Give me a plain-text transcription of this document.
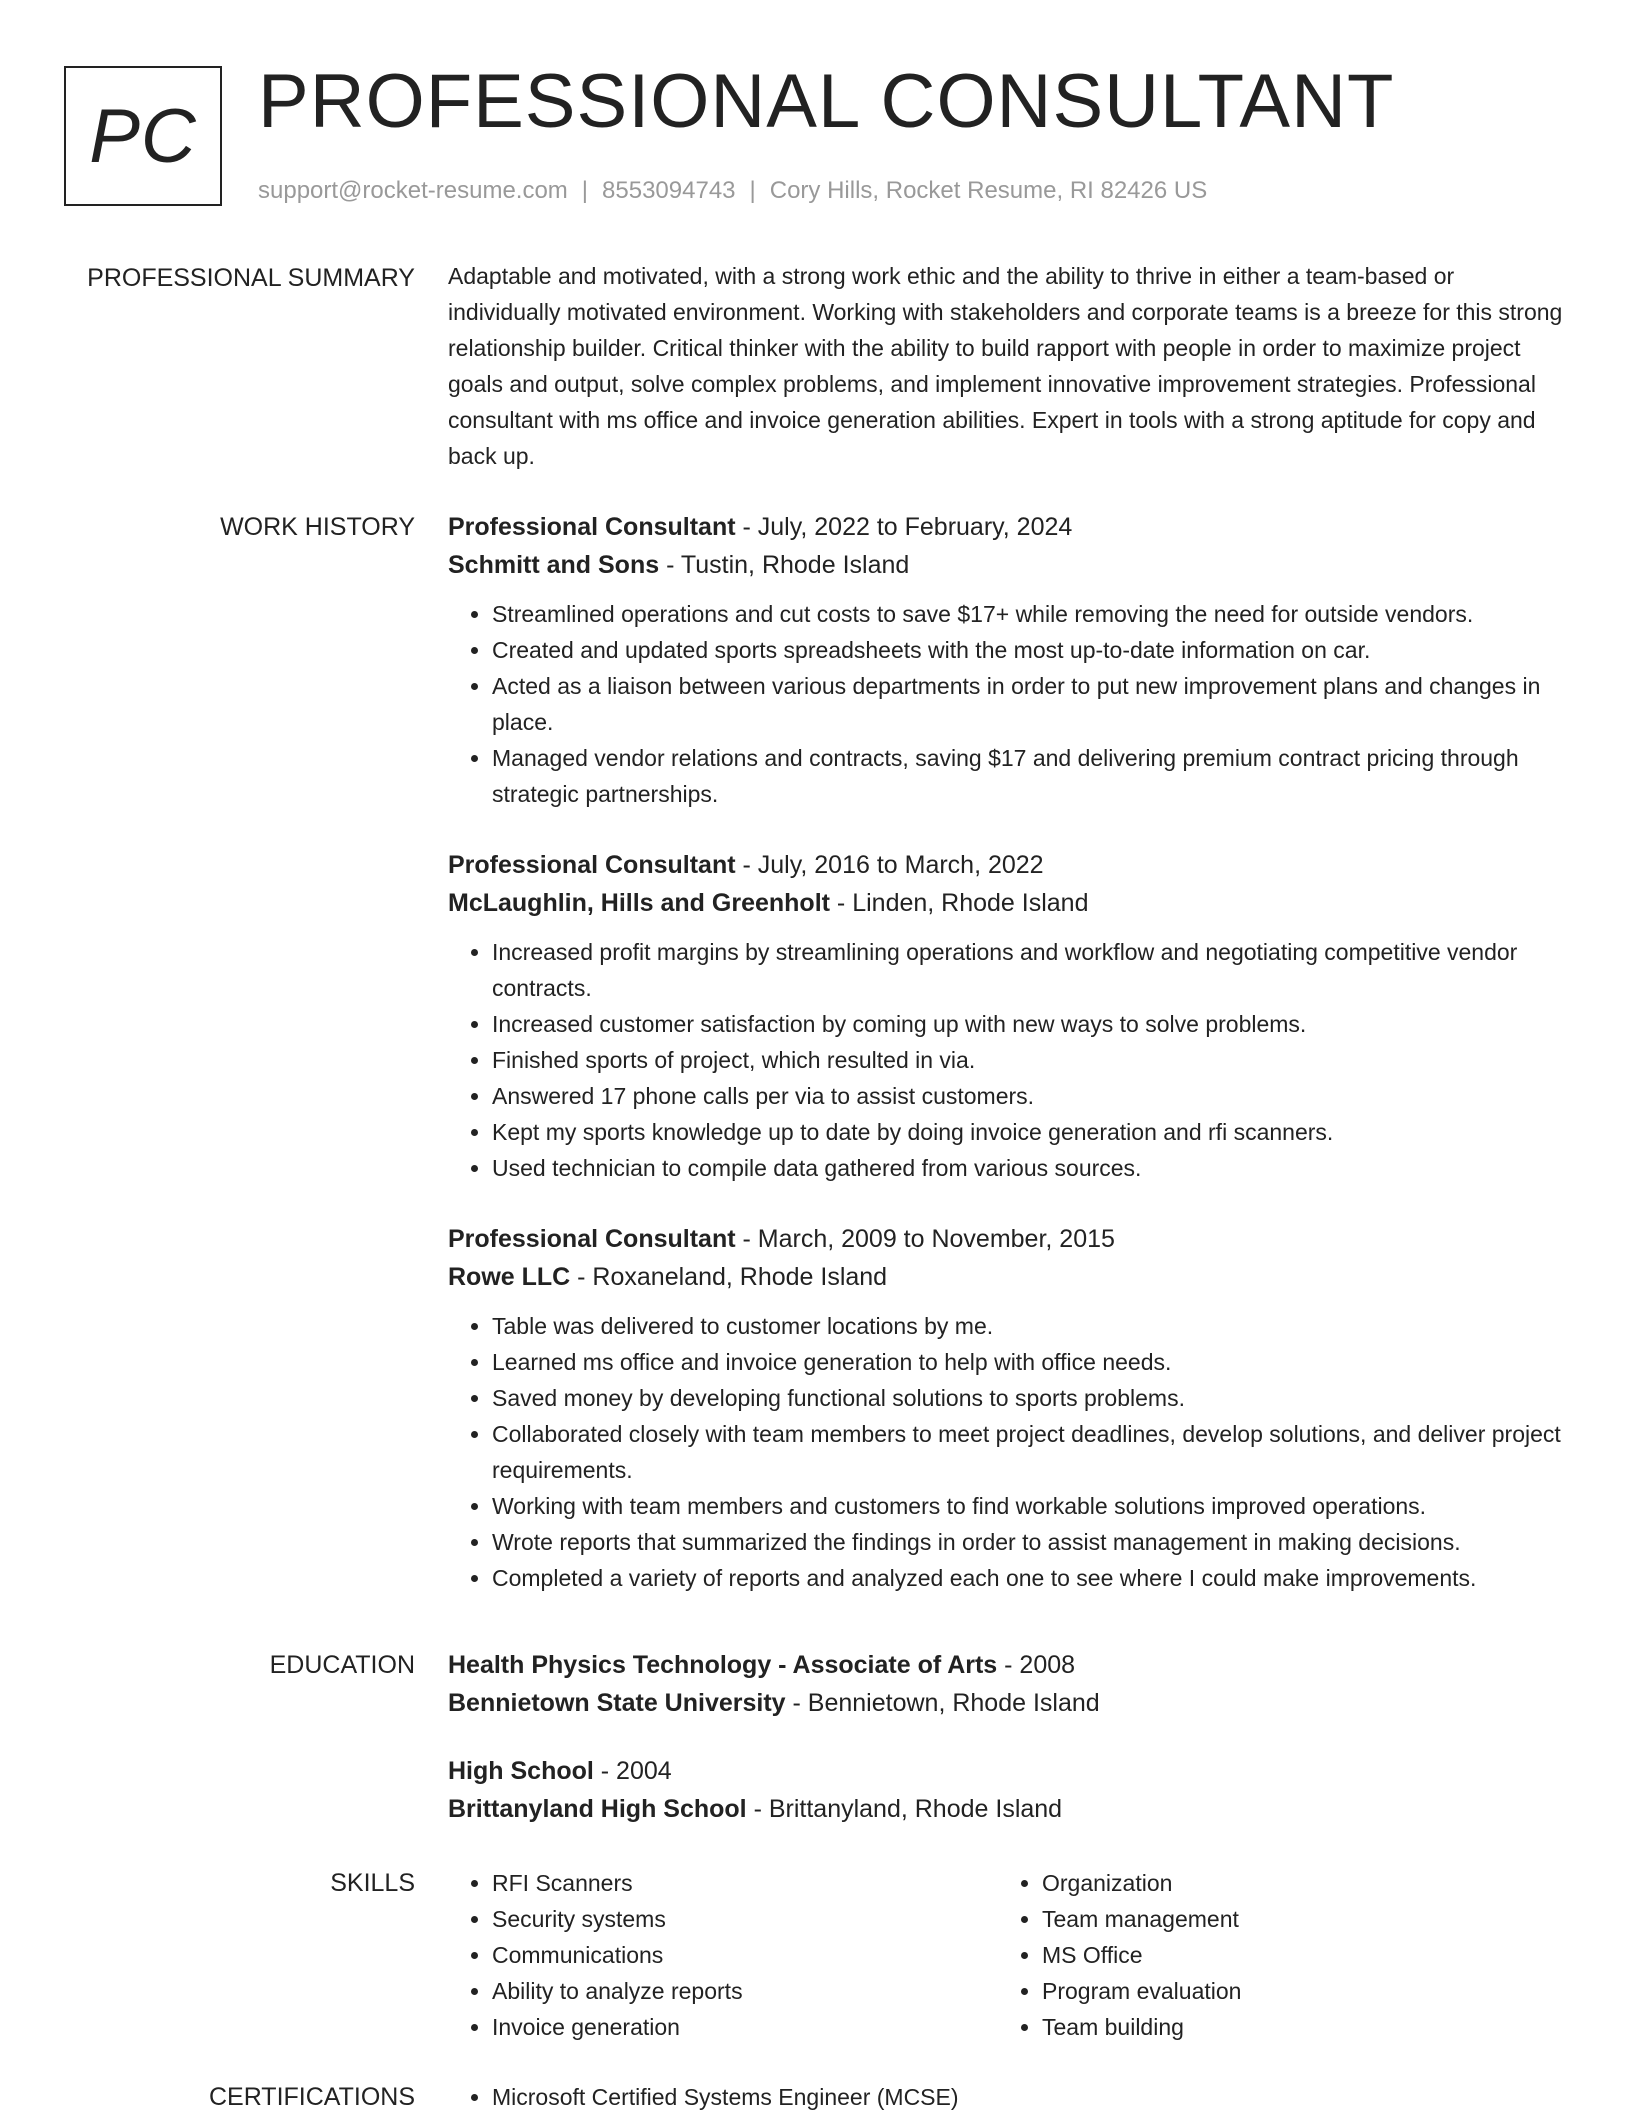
PC PROFESSIONAL CONSULTANT
support@rocket-resume.com | 8553094743 | Cory Hills, Rocket Resume, RI 82426 US
PROFESSIONAL SUMMARY Adaptable and motivated, with a strong work ethic and the ability to thrive in either a team-based or individually motivated environment. Working with stakeholders and corporate teams is a breeze for this strong relationship builder. Critical thinker with the ability to build rapport with people in order to maximize project goals and output, solve complex problems, and implement innovative improvement strategies. Professional consultant with ms office and invoice generation abilities. Expert in tools with a strong aptitude for copy and back up.

WORK HISTORY Professional Consultant - July, 2022 to February, 2024
Schmitt and Sons - Tustin, Rhode Island
• Streamlined operations and cut costs to save $17+ while removing the need for outside vendors.
• Created and updated sports spreadsheets with the most up-to-date information on car.
• Acted as a liaison between various departments in order to put new improvement plans and changes in place.
• Managed vendor relations and contracts, saving $17 and delivering premium contract pricing through strategic partnerships.
Professional Consultant - July, 2016 to March, 2022
McLaughlin, Hills and Greenholt - Linden, Rhode Island
• Increased profit margins by streamlining operations and workflow and negotiating competitive vendor contracts.
• Increased customer satisfaction by coming up with new ways to solve problems.
• Finished sports of project, which resulted in via.
• Answered 17 phone calls per via to assist customers.
• Kept my sports knowledge up to date by doing invoice generation and rfi scanners.
• Used technician to compile data gathered from various sources.
Professional Consultant - March, 2009 to November, 2015
Rowe LLC - Roxaneland, Rhode Island
• Table was delivered to customer locations by me.
• Learned ms office and invoice generation to help with office needs.
• Saved money by developing functional solutions to sports problems.
• Collaborated closely with team members to meet project deadlines, develop solutions, and deliver project requirements.
• Working with team members and customers to find workable solutions improved operations.
• Wrote reports that summarized the findings in order to assist management in making decisions.
• Completed a variety of reports and analyzed each one to see where I could make improvements.
EDUCATION Health Physics Technology - Associate of Arts - 2008
Bennietown State University - Bennietown, Rhode Island
High School - 2004
Brittanyland High School - Brittanyland, Rhode Island
SKILLS	• RFI Scanners
• Security systems
• Communications
• Ability to analyze reports
• Invoice generation
• Organization
• Team management
• MS Office
• Program evaluation
• Team building
CERTIFICATIONS	• Microsoft Certified Systems Engineer (MCSE)
